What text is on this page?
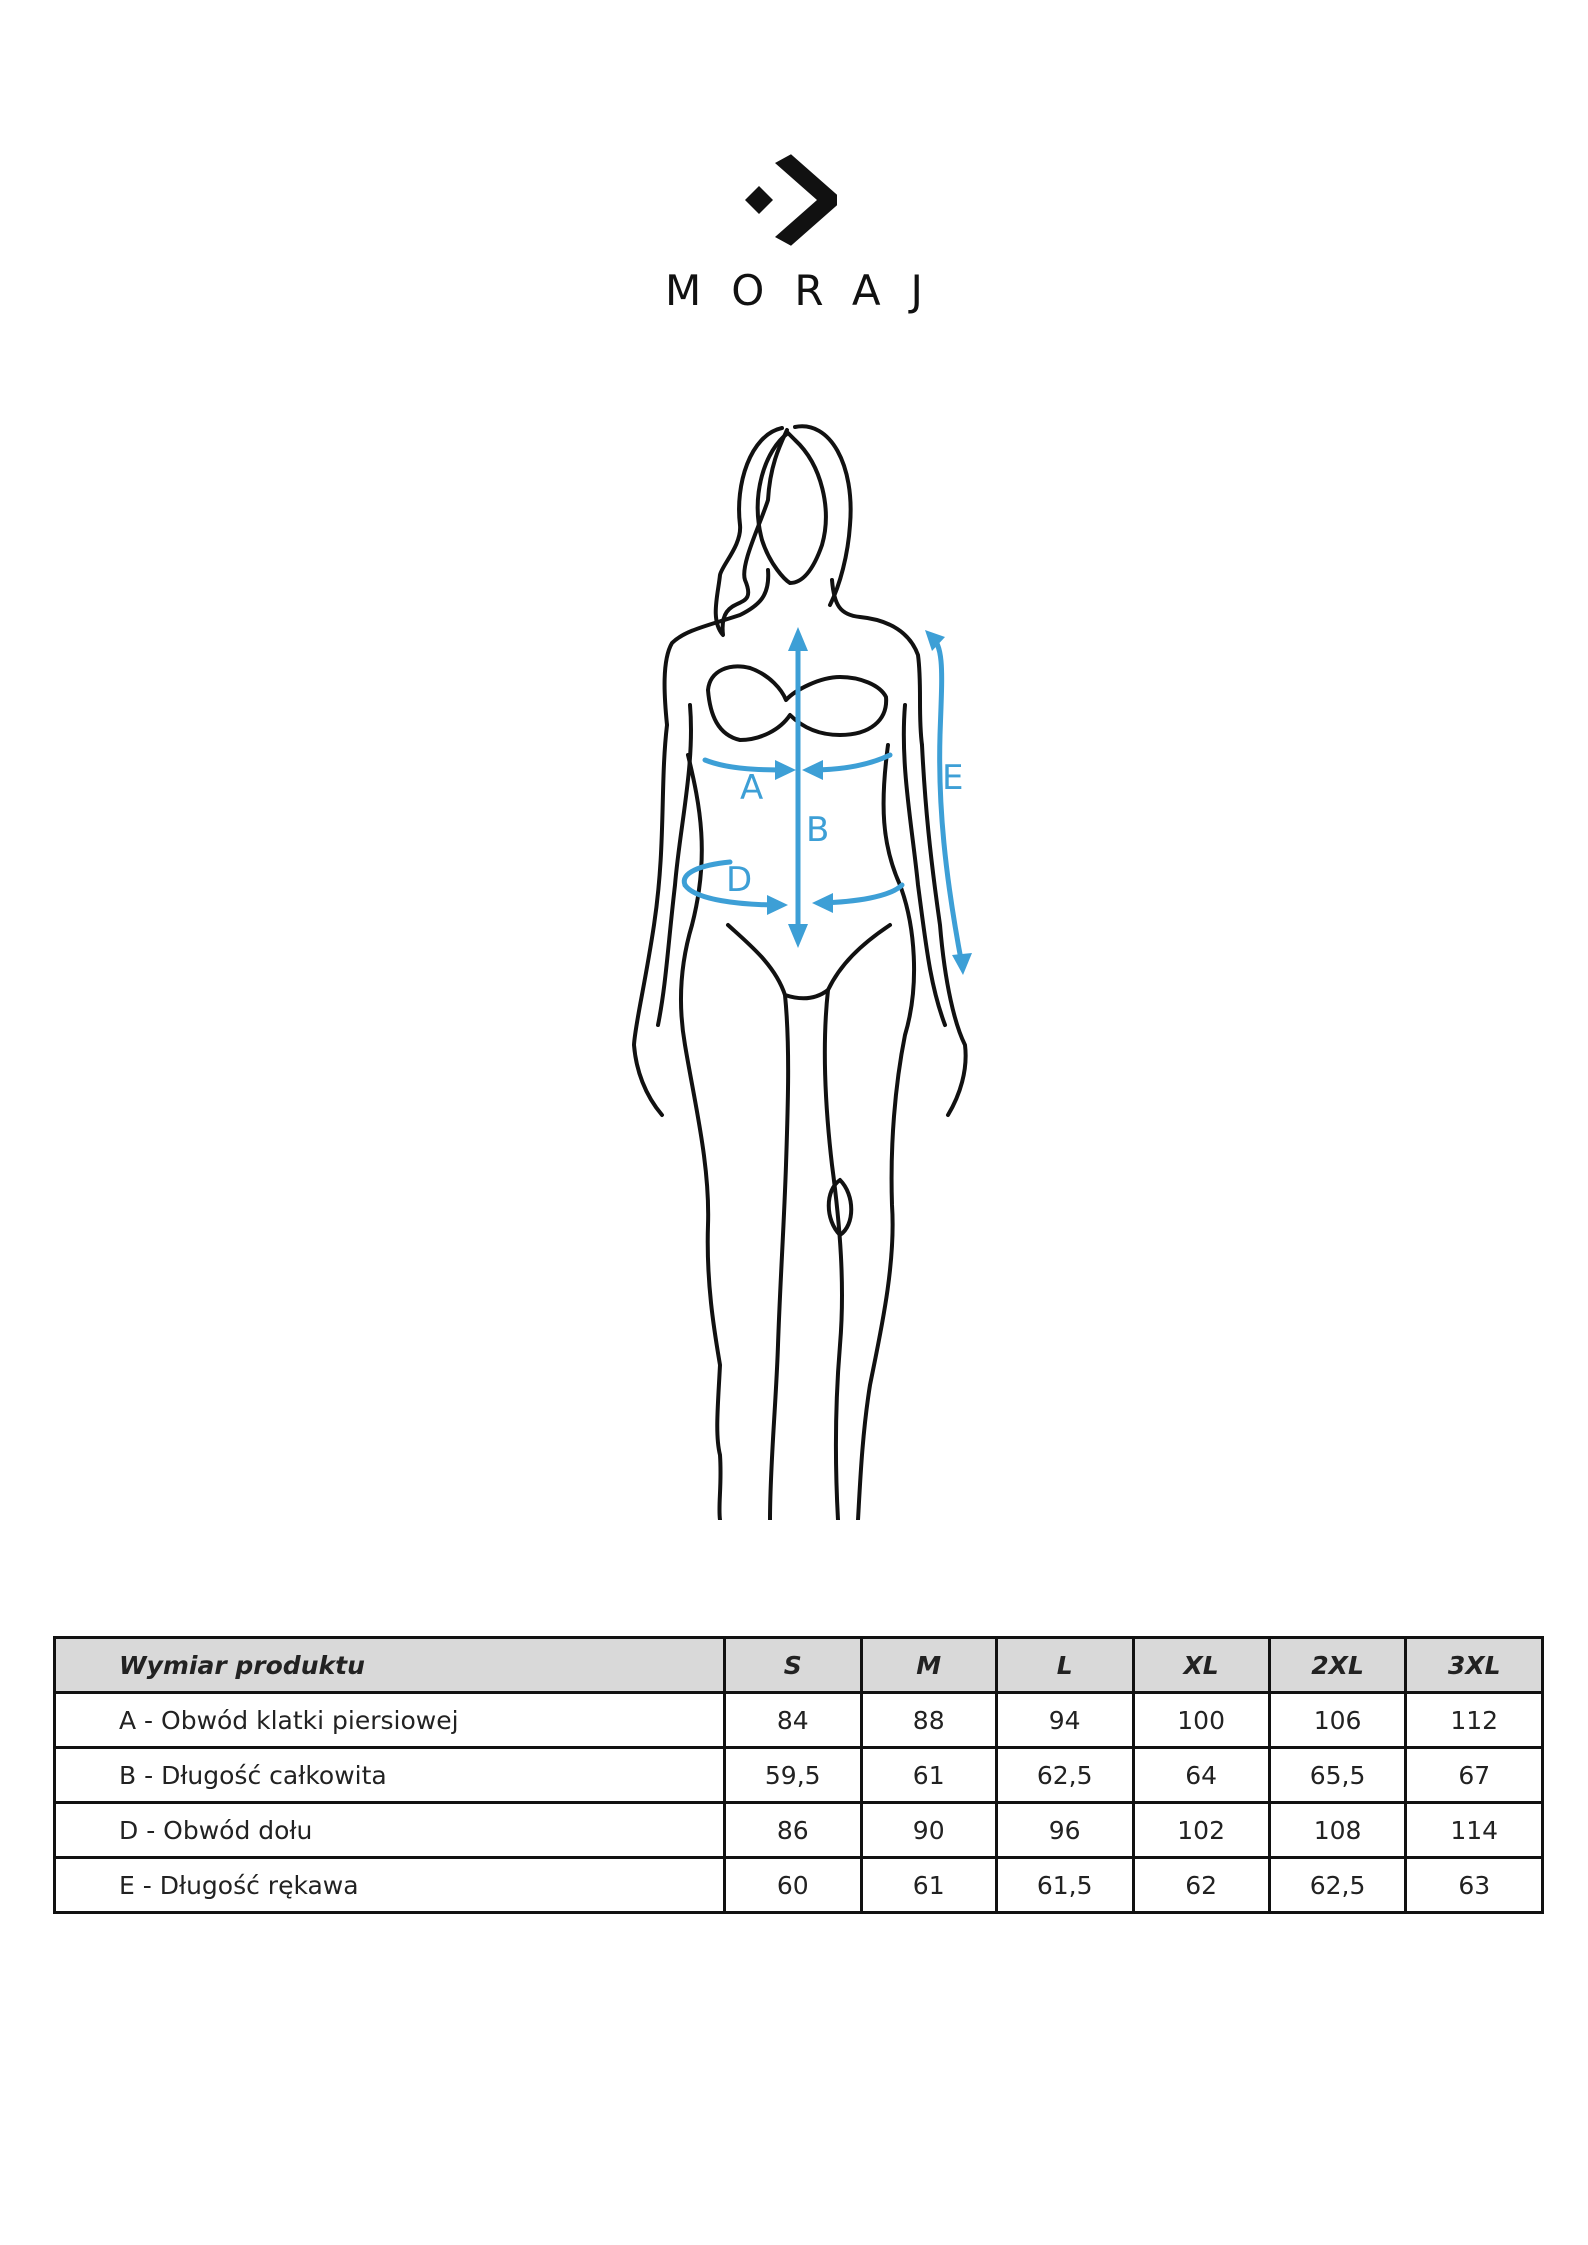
MORAJ
A
B
D
E
Wymiar produktu	S	M	L	XL	2XL	3XL
A - Obwód klatki piersiowej	84	88	94	100	106	112
B - Długość całkowita	59,5	61	62,5	64	65,5	67
D - Obwód dołu	86	90	96	102	108	114
E - Długość rękawa	60	61	61,5	62	62,5	63
